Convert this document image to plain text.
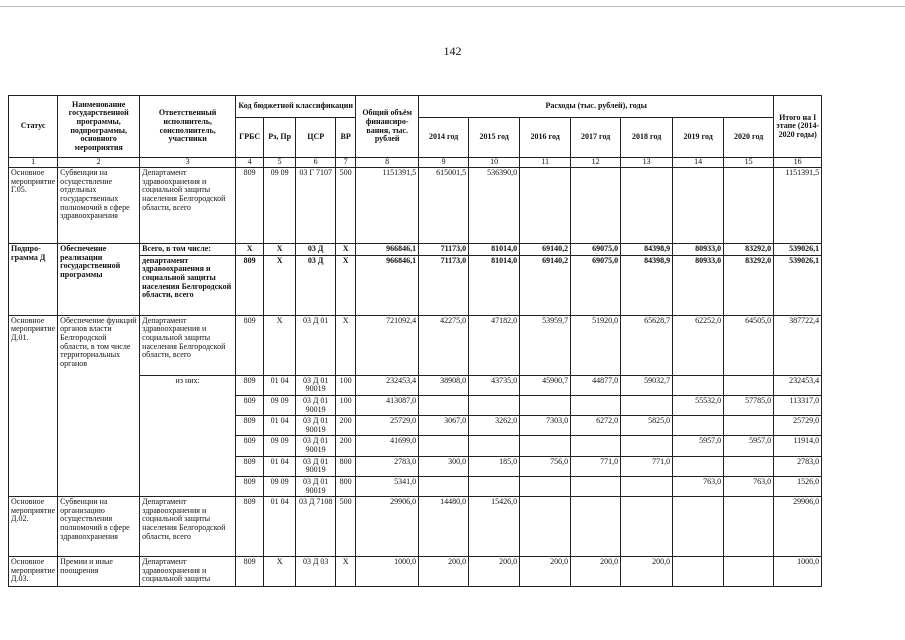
142
Статус	Наименование государственной программы, подпрограммы, основного мероприятия	Ответственный исполнитель, соисполнитель, участники	Код бюджетной классификации				Общий объём финансиро-вания, тыс. рублей	Расходы (тыс. рублей), годы							Итого на I этапе (2014-2020 годы)
			ГРБС	Рз, Пр	ЦСР	ВР		2014 год	2015 год	2016 год	2017 год	2018 год	2019 год	2020 год	
1	2	3	4	5	6	7	8	9	10	11	12	13	14	15	16
Основное мероприятие Г.05.	Субвенции на осуществление отдельных государственных полномочий в сфере здравоохранения	Департамент здравоохранения и социальной защиты населения Белгородской области, всего	809	09 09	03 Г 7107	500	1151391,5	615001,5	536390,0						1151391,5
Подпро-грамма Д	Обеспечение реализации государственной программы	Всего, в том числе:	X	X	03 Д	X	966846,1	71173,0	81014,0	69140,2	69075,0	84398,9	80933,0	83292,0	539026,1
		департамент здравоохранения и социальной защиты населения Белгородской области, всего	809	X	03 Д	X	966846,1	71173,0	81014,0	69140,2	69075,0	84398,9	80933,0	83292,0	539026,1
Основное мероприятие Д.01.	Обеспечение функций органов власти Белгородской области, в том числе территориальных органов	Департамент здравоохранения и социальной защиты населения Белгородской области, всего	809	X	03 Д 01	X	721092,4	42275,0	47182,0	53959,7	51920,0	65628,7	62252,0	64505,0	387722,4
		из них:	809	01 04	03 Д 01 90019	100	232453,4	38908,0	43735,0	45900,7	44877,0	59032,7			232453,4
			809	09 09	03 Д 01 90019	100	413087,0						55532,0	57785,0	113317,0
			809	01 04	03 Д 01 90019	200	25729,0	3067,0	3262,0	7303,0	6272,0	5825,0			25729,0
			809	09 09	03 Д 01 90019	200	41699,0						5957,0	5957,0	11914,0
			809	01 04	03 Д 01 90019	800	2783,0	300,0	185,0	756,0	771,0	771,0			2783,0
			809	09 09	03 Д 01 90019	800	5341,0						763,0	763,0	1526,0
Основное мероприятие Д.02.	Субвенции на организацию осуществления полномочий в сфере здравоохранения	Департамент здравоохранения и социальной защиты населения Белгородской области, всего	809	01 04	03 Д 7108	500	29906,0	14480,0	15426,0						29906,0
Основное мероприятие Д.03.	Премии и иные поощрения	Департамент здравоохранения и социальной защиты	809	X	03 Д 03	X	1000,0	200,0	200,0	200,0	200,0	200,0			1000,0
